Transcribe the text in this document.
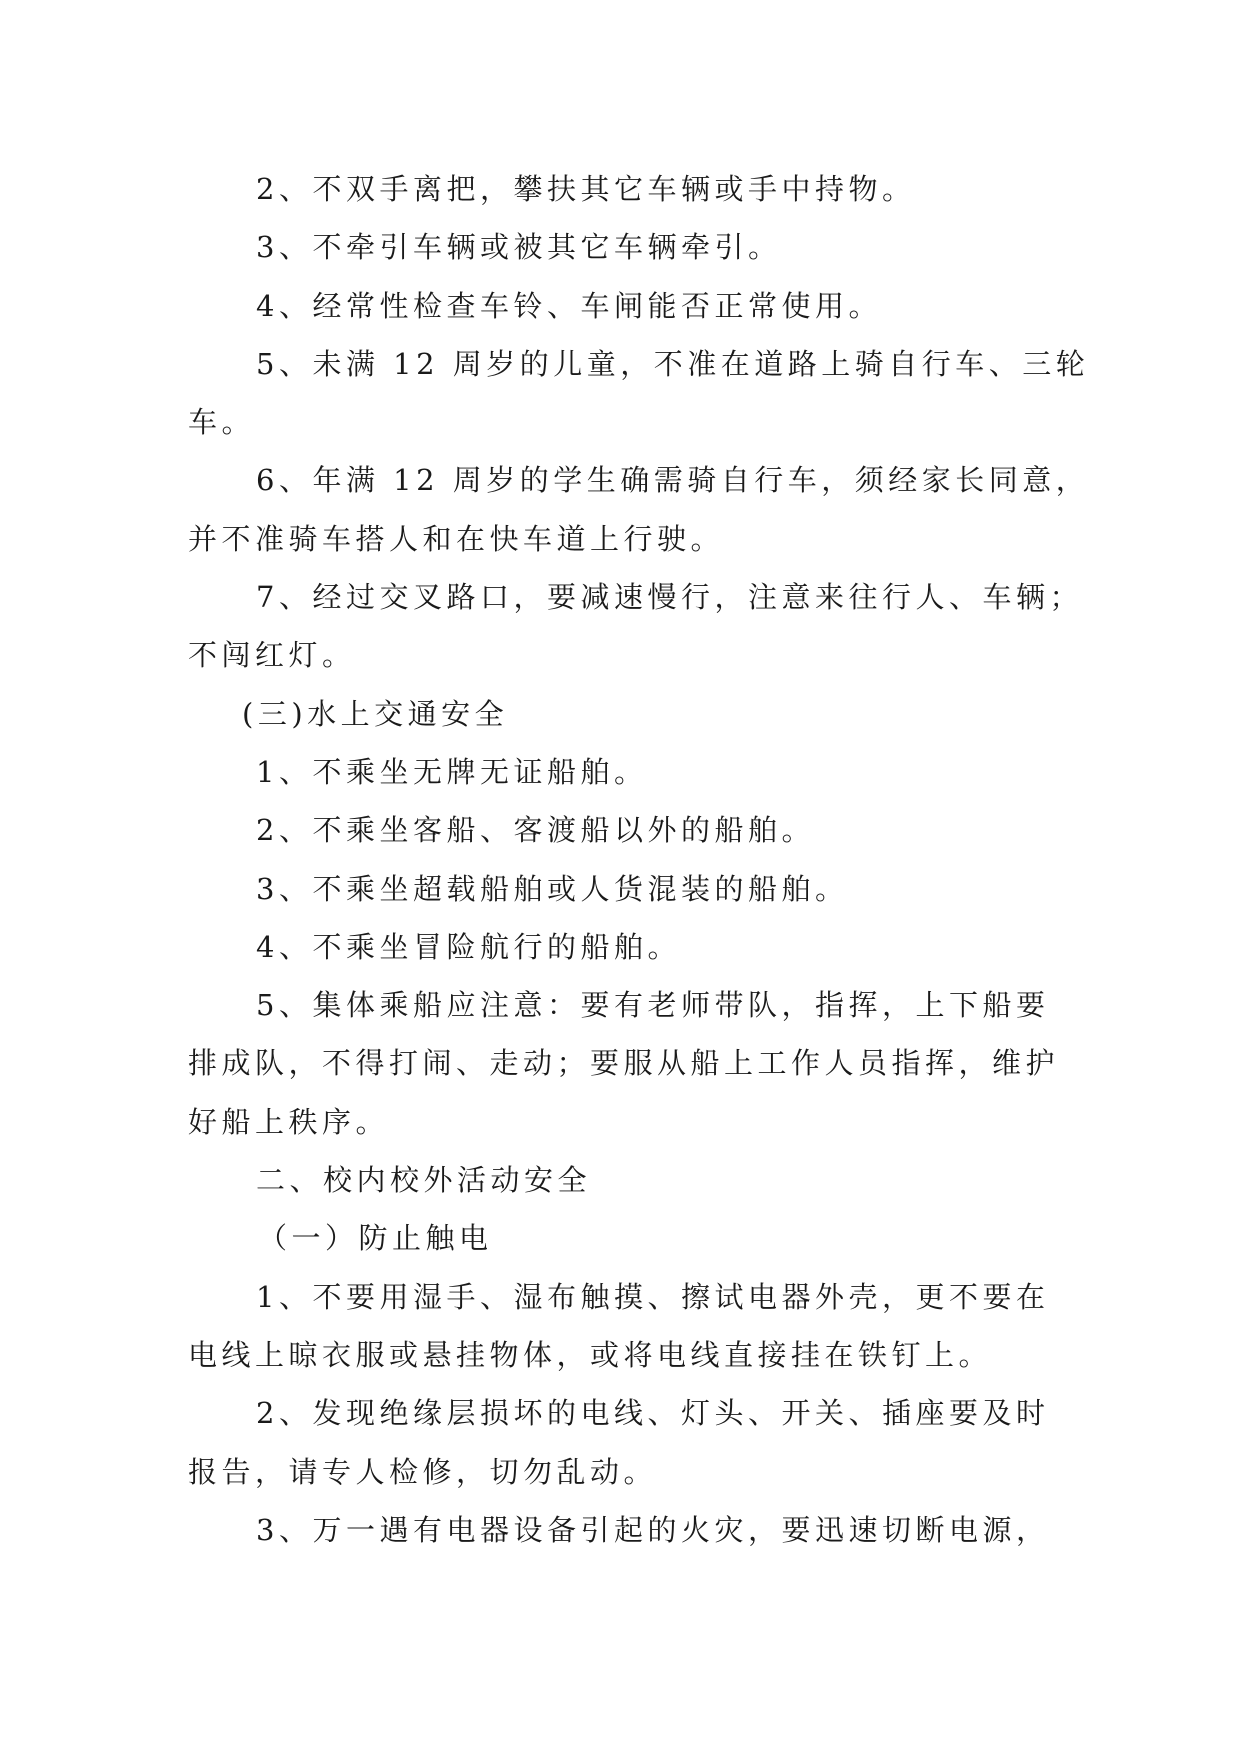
2、不双手离把，攀扶其它车辆或手中持物。
3、不牵引车辆或被其它车辆牵引。
4、经常性检查车铃、车闸能否正常使用。
5、未满 12 周岁的儿童，不准在道路上骑自行车、三轮
车。
6、年满 12 周岁的学生确需骑自行车，须经家长同意，
并不准骑车搭人和在快车道上行驶。
7、经过交叉路口，要减速慢行，注意来往行人、车辆；
不闯红灯。
(三)水上交通安全
1、不乘坐无牌无证船舶。
2、不乘坐客船、客渡船以外的船舶。
3、不乘坐超载船舶或人货混装的船舶。
4、不乘坐冒险航行的船舶。
5、集体乘船应注意：要有老师带队，指挥，上下船要
排成队，不得打闹、走动；要服从船上工作人员指挥，维护
好船上秩序。
二、校内校外活动安全
（一）防止触电
1、不要用湿手、湿布触摸、擦试电器外壳，更不要在
电线上晾衣服或悬挂物体，或将电线直接挂在铁钉上。
2、发现绝缘层损坏的电线、灯头、开关、插座要及时
报告，请专人检修，切勿乱动。
3、万一遇有电器设备引起的火灾，要迅速切断电源，
